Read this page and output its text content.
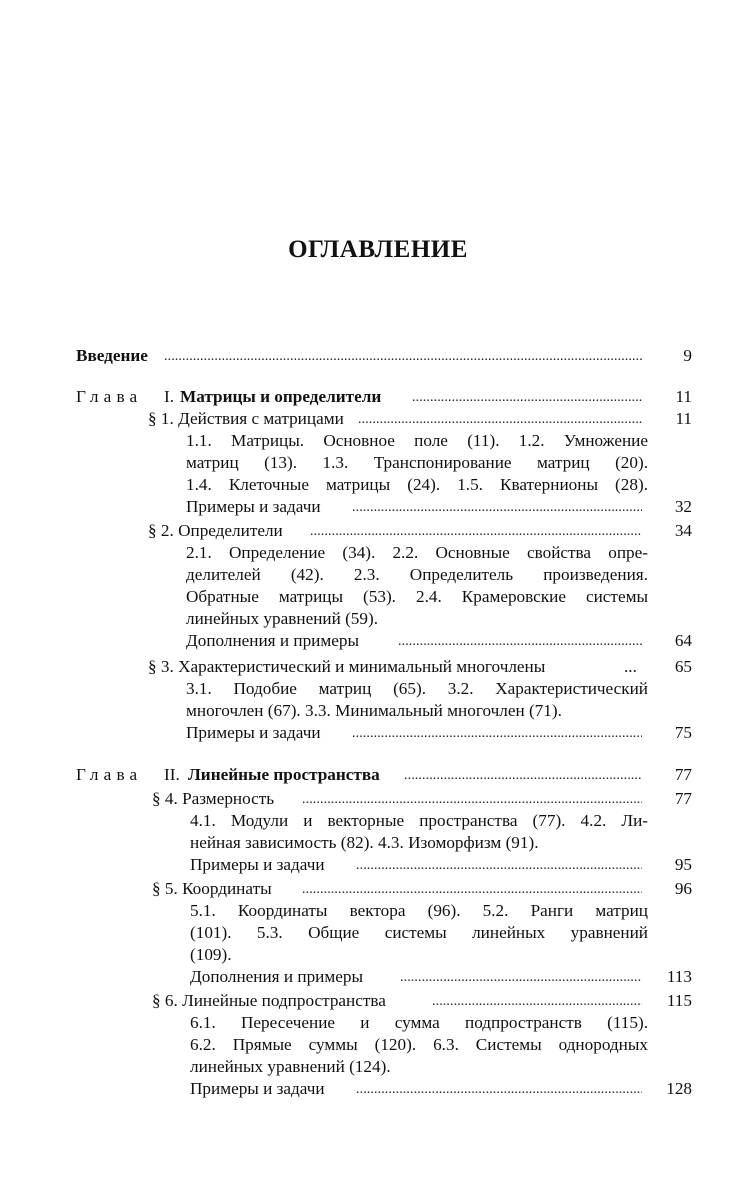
ОГЛАВЛЕНИЕ
Введение . . .	9
Глава I. Матрицы и определители . . .	11
§ 1. Действия с матрицами . . .	11
1.1. Матрицы. Основное поле (11). 1.2. Умножение
матриц (13). 1.3. Транспонирование матриц (20).
1.4. Клеточные матрицы (24). 1.5. Кватернионы (28).
Примеры и задачи . . .	32
§ 2. Определители . . .	34
2.1. Определение (34). 2.2. Основные свойства опре-
делителей (42). 2.3. Определитель произведения.
Обратные матрицы (53). 2.4. Крамеровские системы
линейных уравнений (59).
Дополнения и примеры . . .	64
§ 3. Характеристический и минимальный многочлены	... 65
3.1. Подобие матриц (65). 3.2. Характеристический
многочлен (67). 3.3. Минимальный многочлен (71).
Примеры и задачи . . .	75
Глава II. Линейные пространства . . .	77
§ 4. Размерность . . .	77
4.1. Модули и векторные пространства (77). 4.2. Ли-
нейная зависимость (82). 4.3. Изоморфизм (91).
Примеры и задачи . . .	95
§ 5. Координаты . . .	96
5.1. Координаты вектора (96). 5.2. Ранги матриц
(101). 5.3. Общие системы линейных уравнений
(109).
Дополнения и примеры . . .	113
§ 6. Линейные подпространства . . .	115
6.1. Пересечение и сумма подпространств (115).
6.2. Прямые суммы (120). 6.3. Системы однородных
линейных уравнений (124).
Примеры и задачи . . .	128
